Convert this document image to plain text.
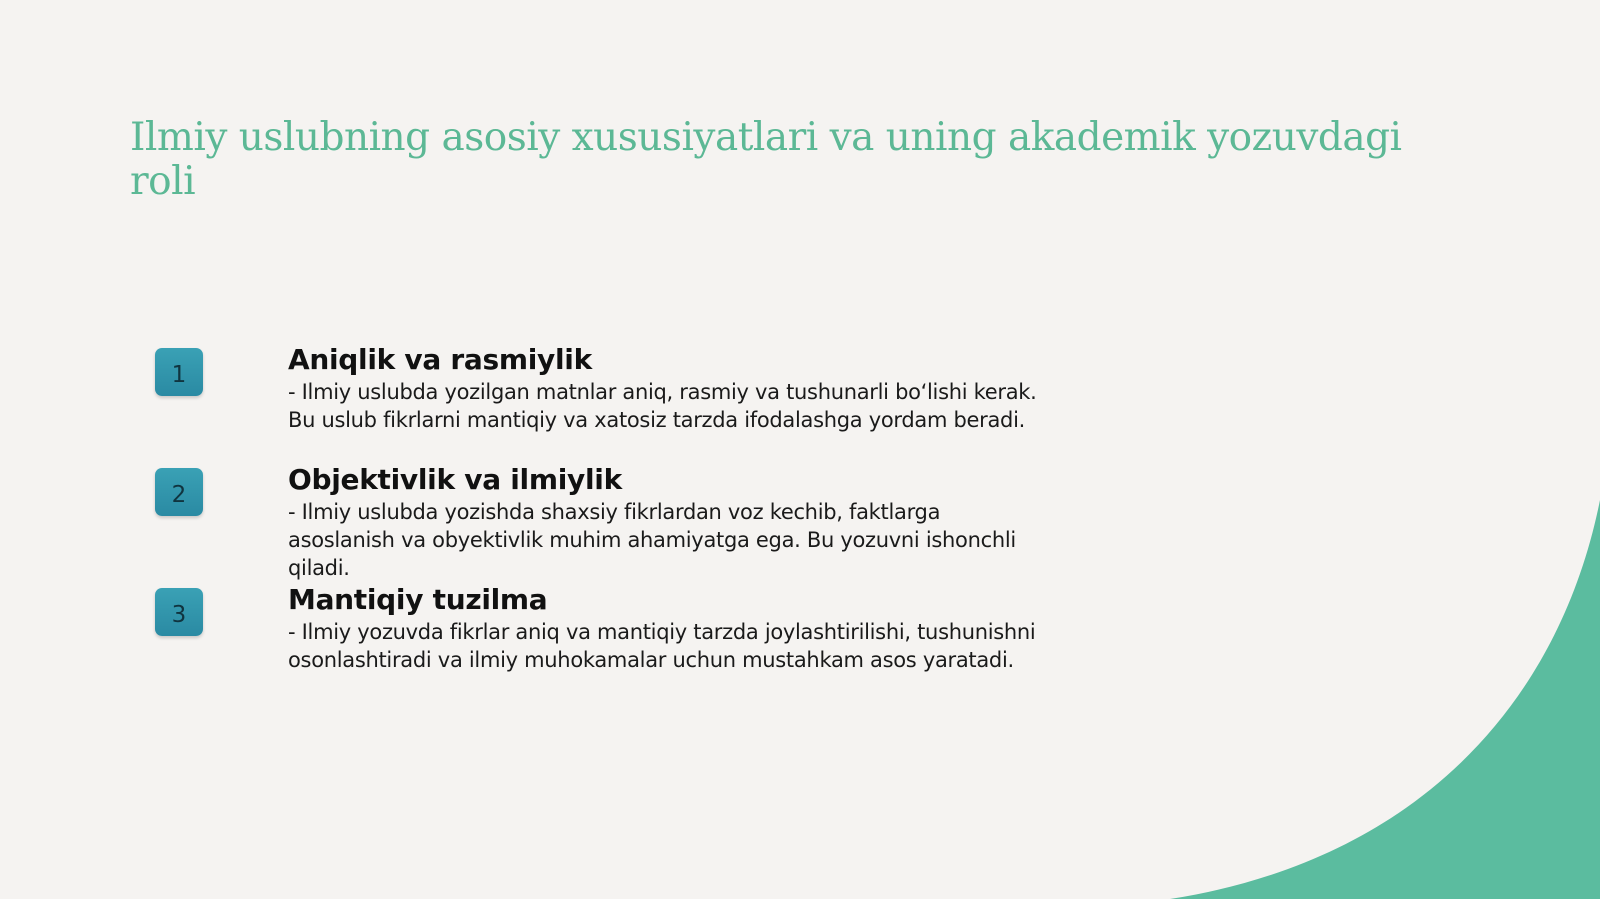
Ilmiy uslubning asosiy xususiyatlari va uning akademik yozuvdagi roli
1	Aniqlik va rasmiylik

- Ilmiy uslubda yozilgan matnlar aniq, rasmiy va tushunarli bo‘lishi kerak.
Bu uslub fikrlarni mantiqiy va xatosiz tarzda ifodalashga yordam beradi.

2	Objektivlik va ilmiylik

- Ilmiy uslubda yozishda shaxsiy fikrlardan voz kechib, faktlarga
asoslanish va obyektivlik muhim ahamiyatga ega. Bu yozuvni ishonchli
qiladi.

3	Mantiqiy tuzilma

- Ilmiy yozuvda fikrlar aniq va mantiqiy tarzda joylashtirilishi, tushunishni
osonlashtiradi va ilmiy muhokamalar uchun mustahkam asos yaratadi.
